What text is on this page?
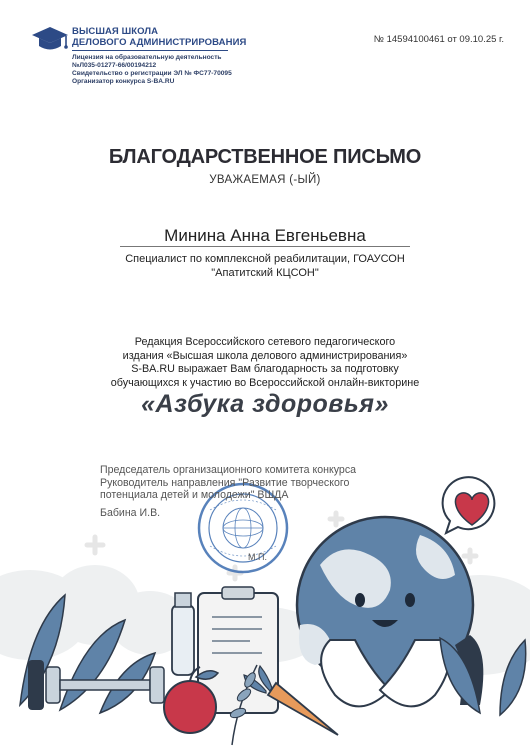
ВЫСШАЯ ШКОЛА
ДЕЛОВОГО АДМИНИСТРИРОВАНИЯ
Лицензия на образовательную деятельность
№Л035-01277-66/00194212
Свидетельство о регистрации ЭЛ № ФС77-70095
Организатор конкурса S-BA.RU
№ 14594100461 от 09.10.25 г.
БЛАГОДАРСТВЕННОЕ ПИСЬМО
УВАЖАЕМАЯ (-ЫЙ)
Минина Анна Евгеньевна
Специалист по комплексной реабилитации, ГОАУСОН
"Апатитский КЦСОН"
Редакция Всероссийского сетевого педагогического
издания «Высшая школа делового администрирования»
S-BA.RU выражает Вам благодарность за подготовку
обучающихся к участию во Всероссийской онлайн-викторине
«Азбука здоровья»
Председатель организационного комитета конкурса
Руководитель направления "Развитие творческого
потенциала детей и молодежи" ВШДА
Бабина И.В.
М.П.
